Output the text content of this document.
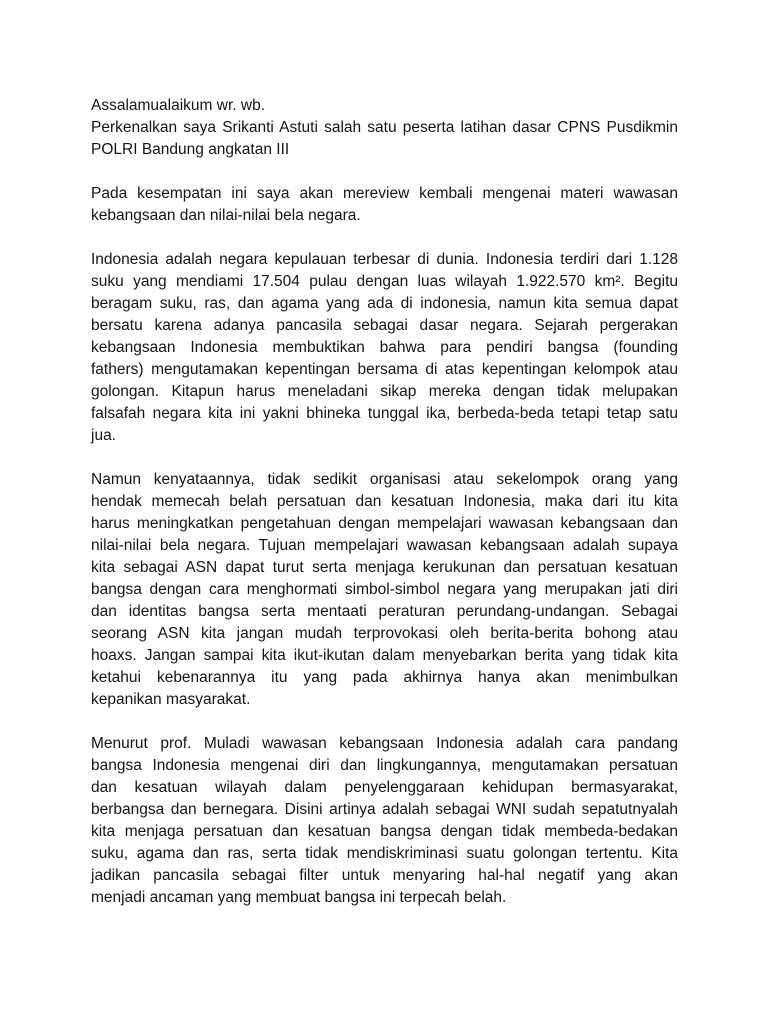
Assalamualaikum wr. wb.
Perkenalkan saya Srikanti Astuti salah satu peserta latihan dasar CPNS Pusdikmin
POLRI Bandung angkatan III
Pada kesempatan ini saya akan mereview kembali mengenai materi wawasan
kebangsaan dan nilai-nilai bela negara.
Indonesia adalah negara kepulauan terbesar di dunia. Indonesia terdiri dari 1.128
suku yang mendiami 17.504 pulau dengan luas wilayah 1.922.570 km². Begitu
beragam suku, ras, dan agama yang ada di indonesia, namun kita semua dapat
bersatu karena adanya pancasila sebagai dasar negara. Sejarah pergerakan
kebangsaan Indonesia membuktikan bahwa para pendiri bangsa (founding
fathers) mengutamakan kepentingan bersama di atas kepentingan kelompok atau
golongan. Kitapun harus meneladani sikap mereka dengan tidak melupakan
falsafah negara kita ini yakni bhineka tunggal ika, berbeda-beda tetapi tetap satu
jua.
Namun kenyataannya, tidak sedikit organisasi atau sekelompok orang yang
hendak memecah belah persatuan dan kesatuan Indonesia, maka dari itu kita
harus meningkatkan pengetahuan dengan mempelajari wawasan kebangsaan dan
nilai-nilai bela negara. Tujuan mempelajari wawasan kebangsaan adalah supaya
kita sebagai ASN dapat turut serta menjaga kerukunan dan persatuan kesatuan
bangsa dengan cara menghormati simbol-simbol negara yang merupakan jati diri
dan identitas bangsa serta mentaati peraturan perundang-undangan. Sebagai
seorang ASN kita jangan mudah terprovokasi oleh berita-berita bohong atau
hoaxs. Jangan sampai kita ikut-ikutan dalam menyebarkan berita yang tidak kita
ketahui kebenarannya itu yang pada akhirnya hanya akan menimbulkan
kepanikan masyarakat.
Menurut prof. Muladi wawasan kebangsaan Indonesia adalah cara pandang
bangsa Indonesia mengenai diri dan lingkungannya, mengutamakan persatuan
dan kesatuan wilayah dalam penyelenggaraan kehidupan bermasyarakat,
berbangsa dan bernegara. Disini artinya adalah sebagai WNI sudah sepatutnyalah
kita menjaga persatuan dan kesatuan bangsa dengan tidak membeda-bedakan
suku, agama dan ras, serta tidak mendiskriminasi suatu golongan tertentu. Kita
jadikan pancasila sebagai filter untuk menyaring hal-hal negatif yang akan
menjadi ancaman yang membuat bangsa ini terpecah belah.
